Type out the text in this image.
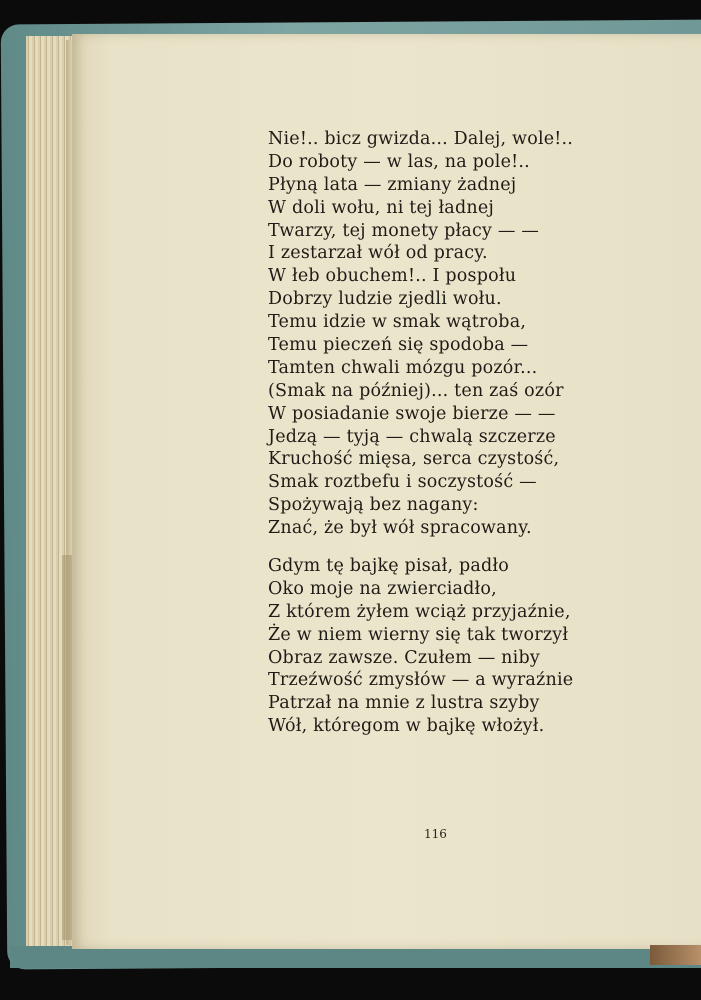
Nie!.. bicz gwizda... Dalej, wole!..
Do roboty — w las, na pole!..
Płyną lata — zmiany żadnej
W doli wołu, ni tej ładnej
Twarzy, tej monety płacy — —
I zestarzał wół od pracy.
W łeb obuchem!.. I pospołu
Dobrzy ludzie zjedli wołu.
Temu idzie w smak wątroba,
Temu pieczeń się spodoba —
Tamten chwali mózgu pozór...
(Smak na później)... ten zaś ozór
W posiadanie swoje bierze — —
Jedzą — tyją — chwalą szczerze
Kruchość mięsa, serca czystość,
Smak roztbefu i soczystość —
Spożywają bez nagany:
Znać, że był wół spracowany.
Gdym tę bajkę pisał, padło
Oko moje na zwierciadło,
Z którem żyłem wciąż przyjaźnie,
Że w niem wierny się tak tworzył
Obraz zawsze. Czułem — niby
Trzeźwość zmysłów — a wyraźnie
Patrzał na mnie z lustra szyby
Wół, któregom w bajkę włożył.
116
